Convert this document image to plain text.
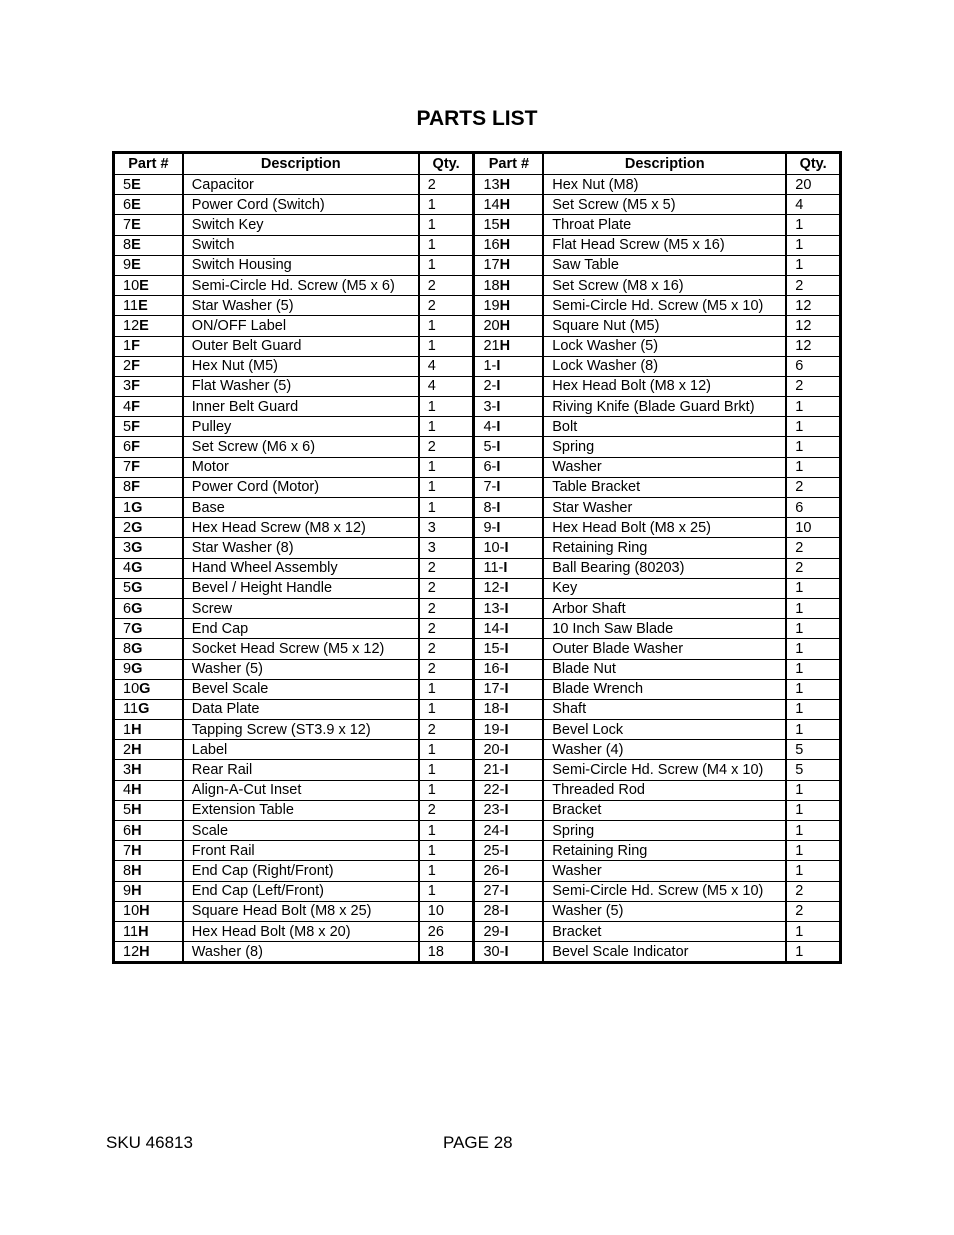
PARTS LIST
Part #	Description	Qty.	Part #	Description	Qty.
5E	Capacitor	2	13H	Hex Nut (M8)	20
6E	Power Cord (Switch)	1	14H	Set Screw (M5 x 5)	4
7E	Switch Key	1	15H	Throat Plate	1
8E	Switch	1	16H	Flat Head Screw (M5 x 16)	1
9E	Switch Housing	1	17H	Saw Table	1
10E	Semi-Circle Hd. Screw (M5 x 6)	2	18H	Set Screw (M8 x 16)	2
11E	Star Washer (5)	2	19H	Semi-Circle Hd. Screw (M5 x 10)	12
12E	ON/OFF Label	1	20H	Square Nut (M5)	12
1F	Outer Belt Guard	1	21H	Lock Washer (5)	12
2F	Hex Nut (M5)	4	1-I	Lock Washer (8)	6
3F	Flat Washer (5)	4	2-I	Hex Head Bolt (M8 x 12)	2
4F	Inner Belt Guard	1	3-I	Riving Knife (Blade Guard Brkt)	1
5F	Pulley	1	4-I	Bolt	1
6F	Set Screw (M6 x 6)	2	5-I	Spring	1
7F	Motor	1	6-I	Washer	1
8F	Power Cord (Motor)	1	7-I	Table Bracket	2
1G	Base	1	8-I	Star Washer	6
2G	Hex Head Screw (M8 x 12)	3	9-I	Hex Head Bolt (M8 x 25)	10
3G	Star Washer (8)	3	10-I	Retaining Ring	2
4G	Hand Wheel Assembly	2	11-I	Ball Bearing (80203)	2
5G	Bevel / Height Handle	2	12-I	Key	1
6G	Screw	2	13-I	Arbor Shaft	1
7G	End Cap	2	14-I	10 Inch Saw Blade	1
8G	Socket Head Screw (M5 x 12)	2	15-I	Outer Blade Washer	1
9G	Washer (5)	2	16-I	Blade Nut	1
10G	Bevel Scale	1	17-I	Blade Wrench	1
11G	Data Plate	1	18-I	Shaft	1
1H	Tapping Screw (ST3.9 x 12)	2	19-I	Bevel Lock	1
2H	Label	1	20-I	Washer (4)	5
3H	Rear Rail	1	21-I	Semi-Circle Hd. Screw (M4 x 10)	5
4H	Align-A-Cut Inset	1	22-I	Threaded Rod	1
5H	Extension Table	2	23-I	Bracket	1
6H	Scale	1	24-I	Spring	1
7H	Front Rail	1	25-I	Retaining Ring	1
8H	End Cap (Right/Front)	1	26-I	Washer	1
9H	End Cap (Left/Front)	1	27-I	Semi-Circle Hd. Screw (M5 x 10)	2
10H	Square Head Bolt (M8 x 25)	10	28-I	Washer (5)	2
11H	Hex Head Bolt (M8 x 20)	26	29-I	Bracket	1
12H	Washer (8)	18	30-I	Bevel Scale Indicator	1
SKU 46813	PAGE 28
